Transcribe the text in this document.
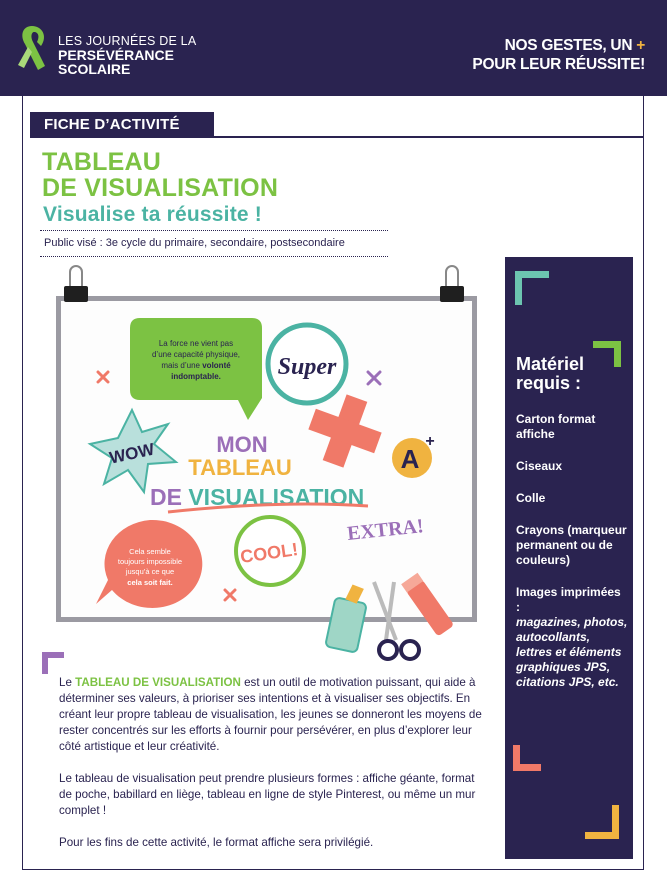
LES JOURNÉES DE LA
PERSÉVÉRANCE
SCOLAIRE
NOS GESTES, UN +
POUR LEUR RÉUSSITE!
FICHE D’ACTIVITÉ
TABLEAU
DE VISUALISATION
Visualise ta réussite !
Public visé : 3e cycle du primaire, secondaire, postsecondaire
La force ne vient pas
d’une capacité physique,
mais d’une volonté
indomptable. Super
WOW	A
+
MON
TABLEAU
DE VISUALISATION
Cela semble
toujours impossible
jusqu’à ce que
cela soit fait.
COOL!
EXTRA!
Matériel
requis :
Carton format affiche
Ciseaux
Colle
Crayons (marqueur permanent ou de couleurs)
Images imprimées :
magazines, photos, autocollants, lettres et éléments graphiques JPS, citations JPS, etc.

Le TABLEAU DE VISUALISATION est un outil de motivation puissant, qui aide à déterminer ses valeurs, à prioriser ses intentions et à visualiser ses objectifs. En créant leur propre tableau de visualisation, les jeunes se donneront les moyens de rester concentrés sur les efforts à fournir pour persévérer, en plus d’explorer leur côté artistique et leur créativité.

Le tableau de visualisation peut prendre plusieurs formes : affiche géante, format de poche, babillard en liège, tableau en ligne de style Pinterest, ou même un mur complet !

Pour les fins de cette activité, le format affiche sera privilégié.
